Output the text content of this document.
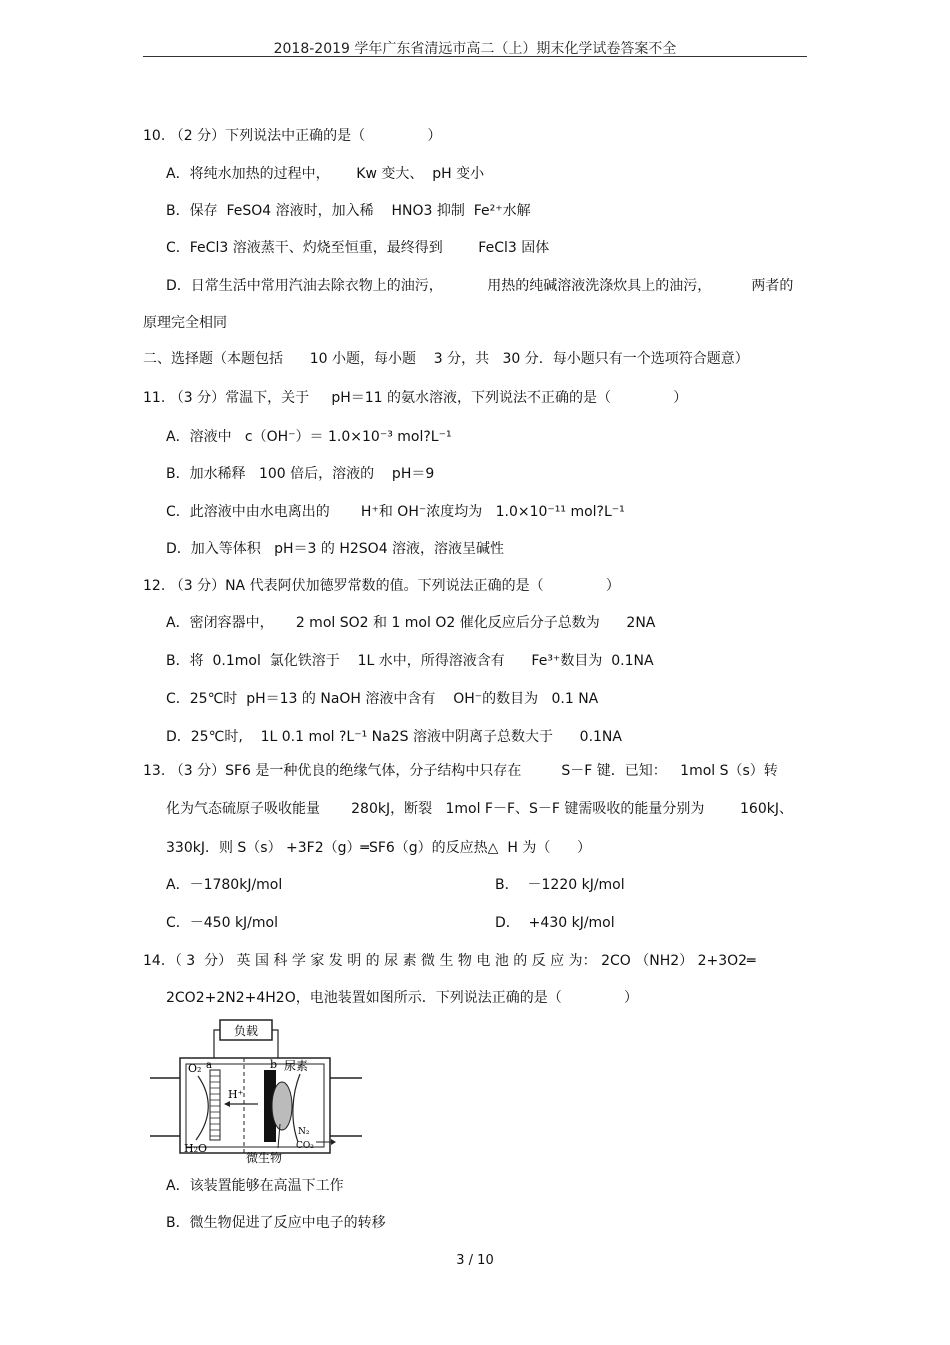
2018-2019 学年广东省清远市高二（上）期末化学试卷答案不全
10. （2 分）下列说法中正确的是（              ）
A．将纯水加热的过程中，      Kw 变大、  pH 变小
B．保存  FeSO4 溶液时，加入稀    HNO3 抑制  Fe²⁺水解
C．FeCl3 溶液蒸干、灼烧至恒重，最终得到        FeCl3 固体
D．日常生活中常用汽油去除衣物上的油污，          用热的纯碱溶液洗涤炊具上的油污，         两者的
原理完全相同
二、选择题（本题包括      10 小题，每小题    3 分，共   30 分．每小题只有一个选项符合题意）
11. （3 分）常温下，关于     pH＝11 的氨水溶液，下列说法不正确的是（              ）
A．溶液中   c（OH⁻）＝ 1.0×10⁻³ mol?L⁻¹
B．加水稀释   100 倍后，溶液的    pH＝9
C．此溶液中由水电离出的       H⁺和 OH⁻浓度均为   1.0×10⁻¹¹ mol?L⁻¹
D．加入等体积   pH＝3 的 H2SO4 溶液，溶液呈碱性
12. （3 分）NA 代表阿伏加德罗常数的值。下列说法正确的是（              ）
A．密闭容器中，     2 mol SO2 和 1 mol O2 催化反应后分子总数为      2NA
B．将  0.1mol  氯化铁溶于    1L 水中，所得溶液含有      Fe³⁺数目为  0.1NA
C．25℃时  pH＝13 的 NaOH 溶液中含有    OH⁻的数目为   0.1 NA
D．25℃时,    1L 0.1 mol ?L⁻¹ Na2S 溶液中阴离子总数大于      0.1NA
13. （3 分）SF6 是一种优良的绝缘气体，分子结构中只存在         S－F 键．已知：   1mol S（s）转
化为气态硫原子吸收能量       280kJ，断裂   1mol F－F、S－F 键需吸收的能量分别为        160kJ、
330kJ．则 S（s） +3F2（g）═SF6（g）的反应热△  H 为（      ）
A．－1780kJ/mol	B．  －1220 kJ/mol
C．－450 kJ/mol	D．  +430 kJ/mol
14．（ 3  分） 英 国 科 学 家 发 明 的 尿 素 微 生 物 电 池 的 反 应 为： 2CO （NH2） 2+3O2═
2CO2+2N2+4H2O，电池装置如图所示．下列说法正确的是（              ）
负载
O₂ a	b 尿素
H⁺
H₂O
微生物
N₂
CO₂
A．该装置能够在高温下工作
B．微生物促进了反应中电子的转移
3 / 10
